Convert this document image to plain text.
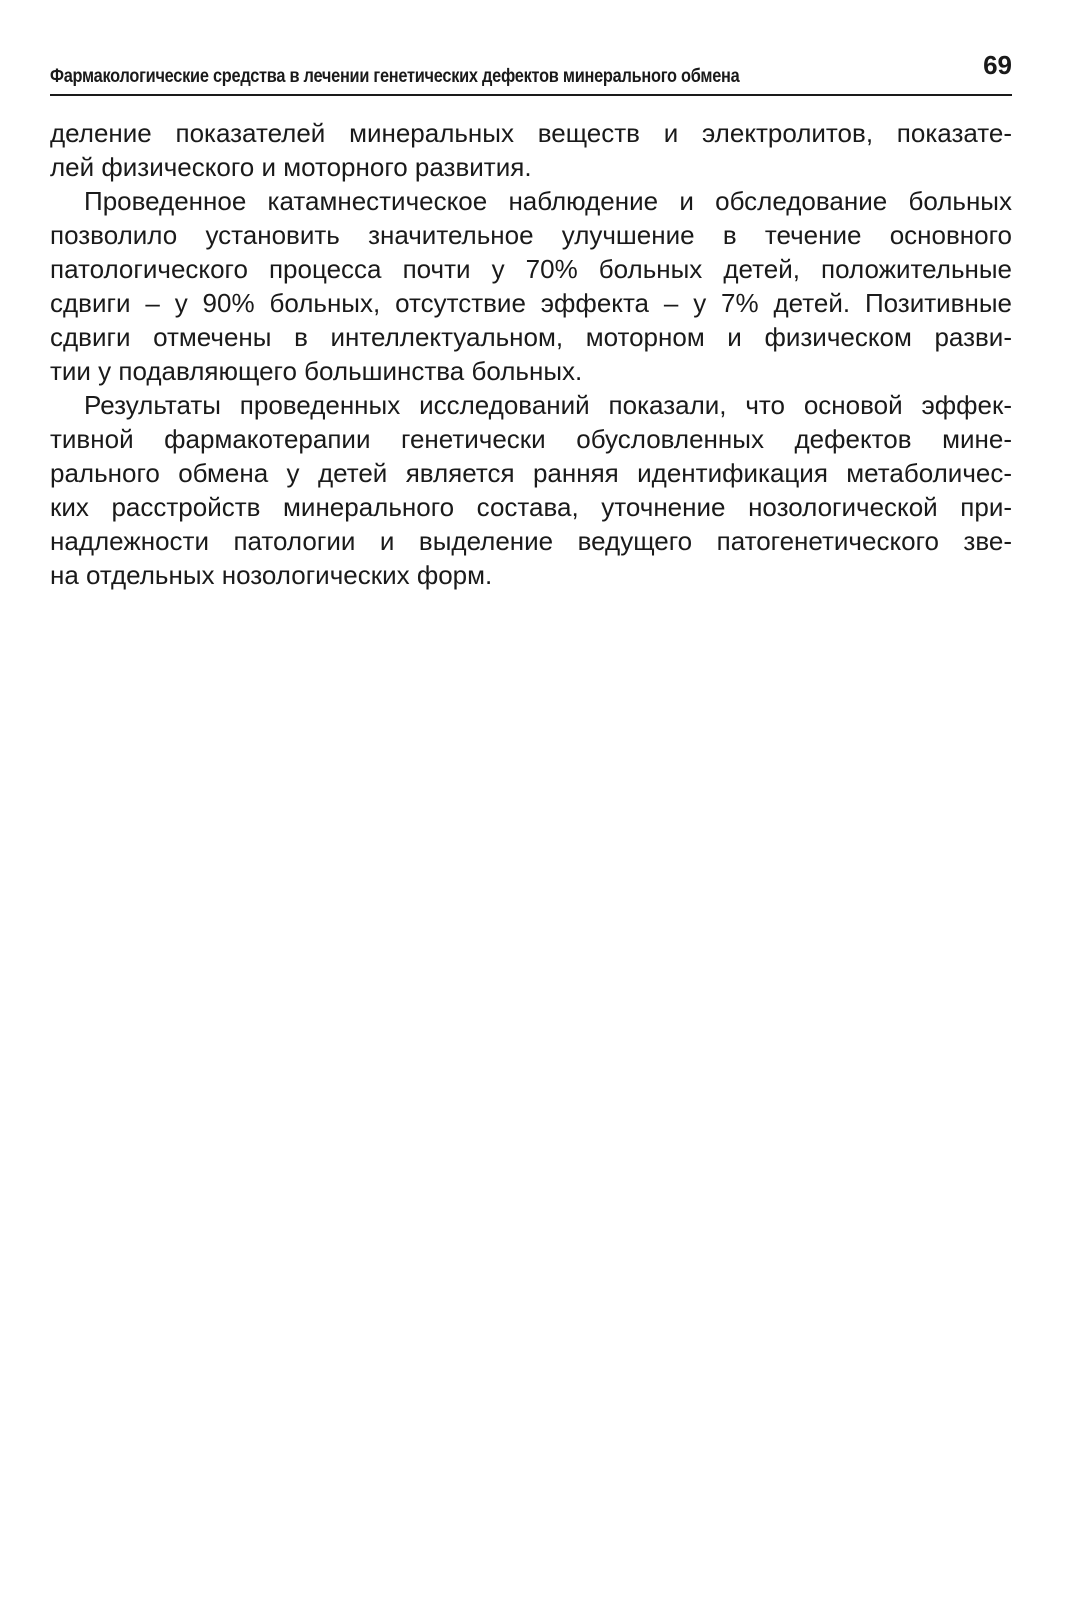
Фармакологические средства в лечении генетических дефектов минерального обмена	69

деление показателей минеральных веществ и электролитов, показате-
лей физического и моторного развития.

Проведенное катамнестическое наблюдение и обследование больных
позволило установить значительное улучшение в течение основного
патологического процесса почти у 70% больных детей, положительные
сдвиги – у 90% больных, отсутствие эффекта – у 7% детей. Позитивные
сдвиги отмечены в интеллектуальном, моторном и физическом разви-
тии у подавляющего большинства больных.

Результаты проведенных исследований показали, что основой эффек-
тивной фармакотерапии генетически обусловленных дефектов мине-
рального обмена у детей является ранняя идентификация метаболичес-
ких расстройств минерального состава, уточнение нозологической при-
надлежности патологии и выделение ведущего патогенетического зве-
на отдельных нозологических форм.
